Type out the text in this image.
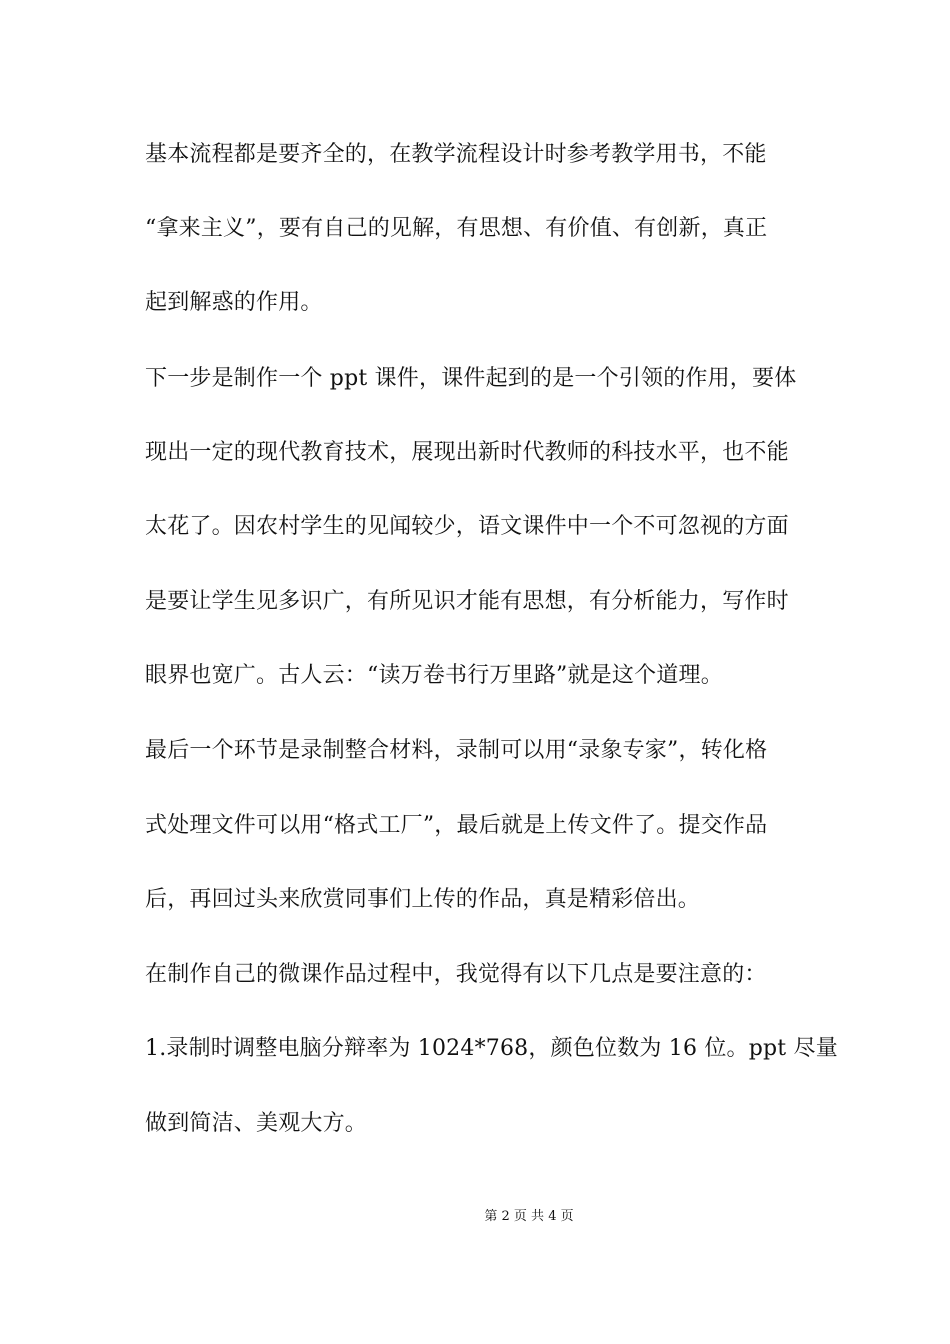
基本流程都是要齐全的，在教学流程设计时参考教学用书，不能
“拿来主义”，要有自己的见解，有思想、有价值、有创新，真正
起到解惑的作用。
下一步是制作一个 ppt 课件，课件起到的是一个引领的作用，要体
现出一定的现代教育技术，展现出新时代教师的科技水平，也不能
太花了。因农村学生的见闻较少，语文课件中一个不可忽视的方面
是要让学生见多识广，有所见识才能有思想，有分析能力，写作时
眼界也宽广。古人云：“读万卷书行万里路”就是这个道理。
最后一个环节是录制整合材料，录制可以用“录象专家”，转化格
式处理文件可以用“格式工厂”，最后就是上传文件了。提交作品
后，再回过头来欣赏同事们上传的作品，真是精彩倍出。
在制作自己的微课作品过程中，我觉得有以下几点是要注意的：
1.录制时调整电脑分辩率为 1024*768，颜色位数为 16 位。ppt 尽量
做到简洁、美观大方。
第 2 页 共 4 页
